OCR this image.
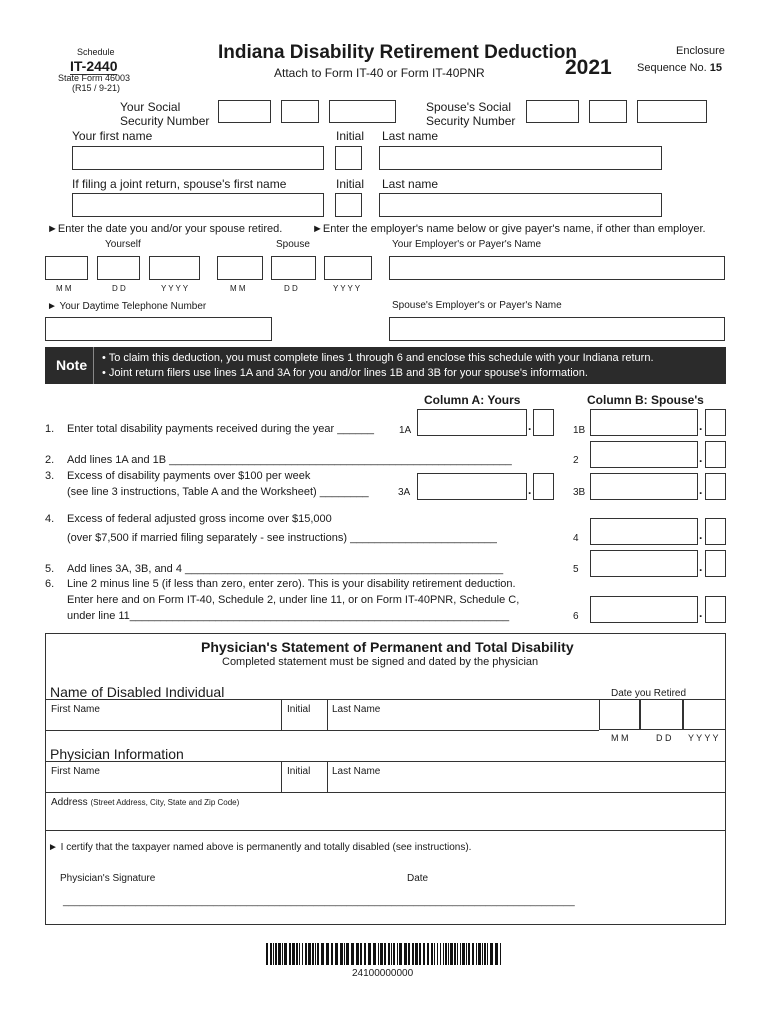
Schedule
IT-2440
State Form 46003
(R15 / 9-21)
Indiana Disability Retirement Deduction
Attach to Form IT-40 or Form IT-40PNR	2021
Enclosure
Sequence No. 15
Your Social
Security Number
Spouse's Social
Security Number
Your first name	Initial Last name
If filing a joint return, spouse's first name	Initial Last name
►Enter the date you and/or your spouse retired.	►Enter the employer's name below or give payer's name, if other than employer.
Yourself	Spouse	Your Employer's or Payer's Name
M M	D D	Y Y Y Y	M M	D D	Y Y Y Y
► Your Daytime Telephone Number	Spouse's Employer's or Payer's Name
Note • To claim this deduction, you must complete lines 1 through 6 and enclose this schedule with your Indiana return.
• Joint return filers use lines 1A and 3A for you and/or lines 1B and 3B for your spouse's information.
Column A: Yours	Column B: Spouse's
1. Enter total disability payments received during the year ______	1A	.	1B	.
2. Add lines 1A and 1B ________________________________________________________	2	.
3. Excess of disability payments over $100 per week
(see line 3 instructions, Table A and the Worksheet) ________	3A	.	3B	.
4. Excess of federal adjusted gross income over $15,000
(over $7,500 if married filing separately - see instructions) ________________________	4	.
5. Add lines 3A, 3B, and 4 ____________________________________________________	5	.
6. Line 2 minus line 5 (if less than zero, enter zero). This is your disability retirement deduction.
Enter here and on Form IT-40, Schedule 2, under line 11, or on Form IT-40PNR, Schedule C,
under line 11______________________________________________________________	6	.
Physician's Statement of Permanent and Total Disability
Completed statement must be signed and dated by the physician
Name of Disabled Individual	Date you Retired
First Name	Initial Last Name
M M	D D Y Y Y Y
Physician Information
First Name	Initial Last Name
Address (Street Address, City, State and Zip Code)
► I certify that the taxpayer named above is permanently and totally disabled (see instructions).
Physician's Signature	Date
____________________________________________________________________________________________
24100000000
